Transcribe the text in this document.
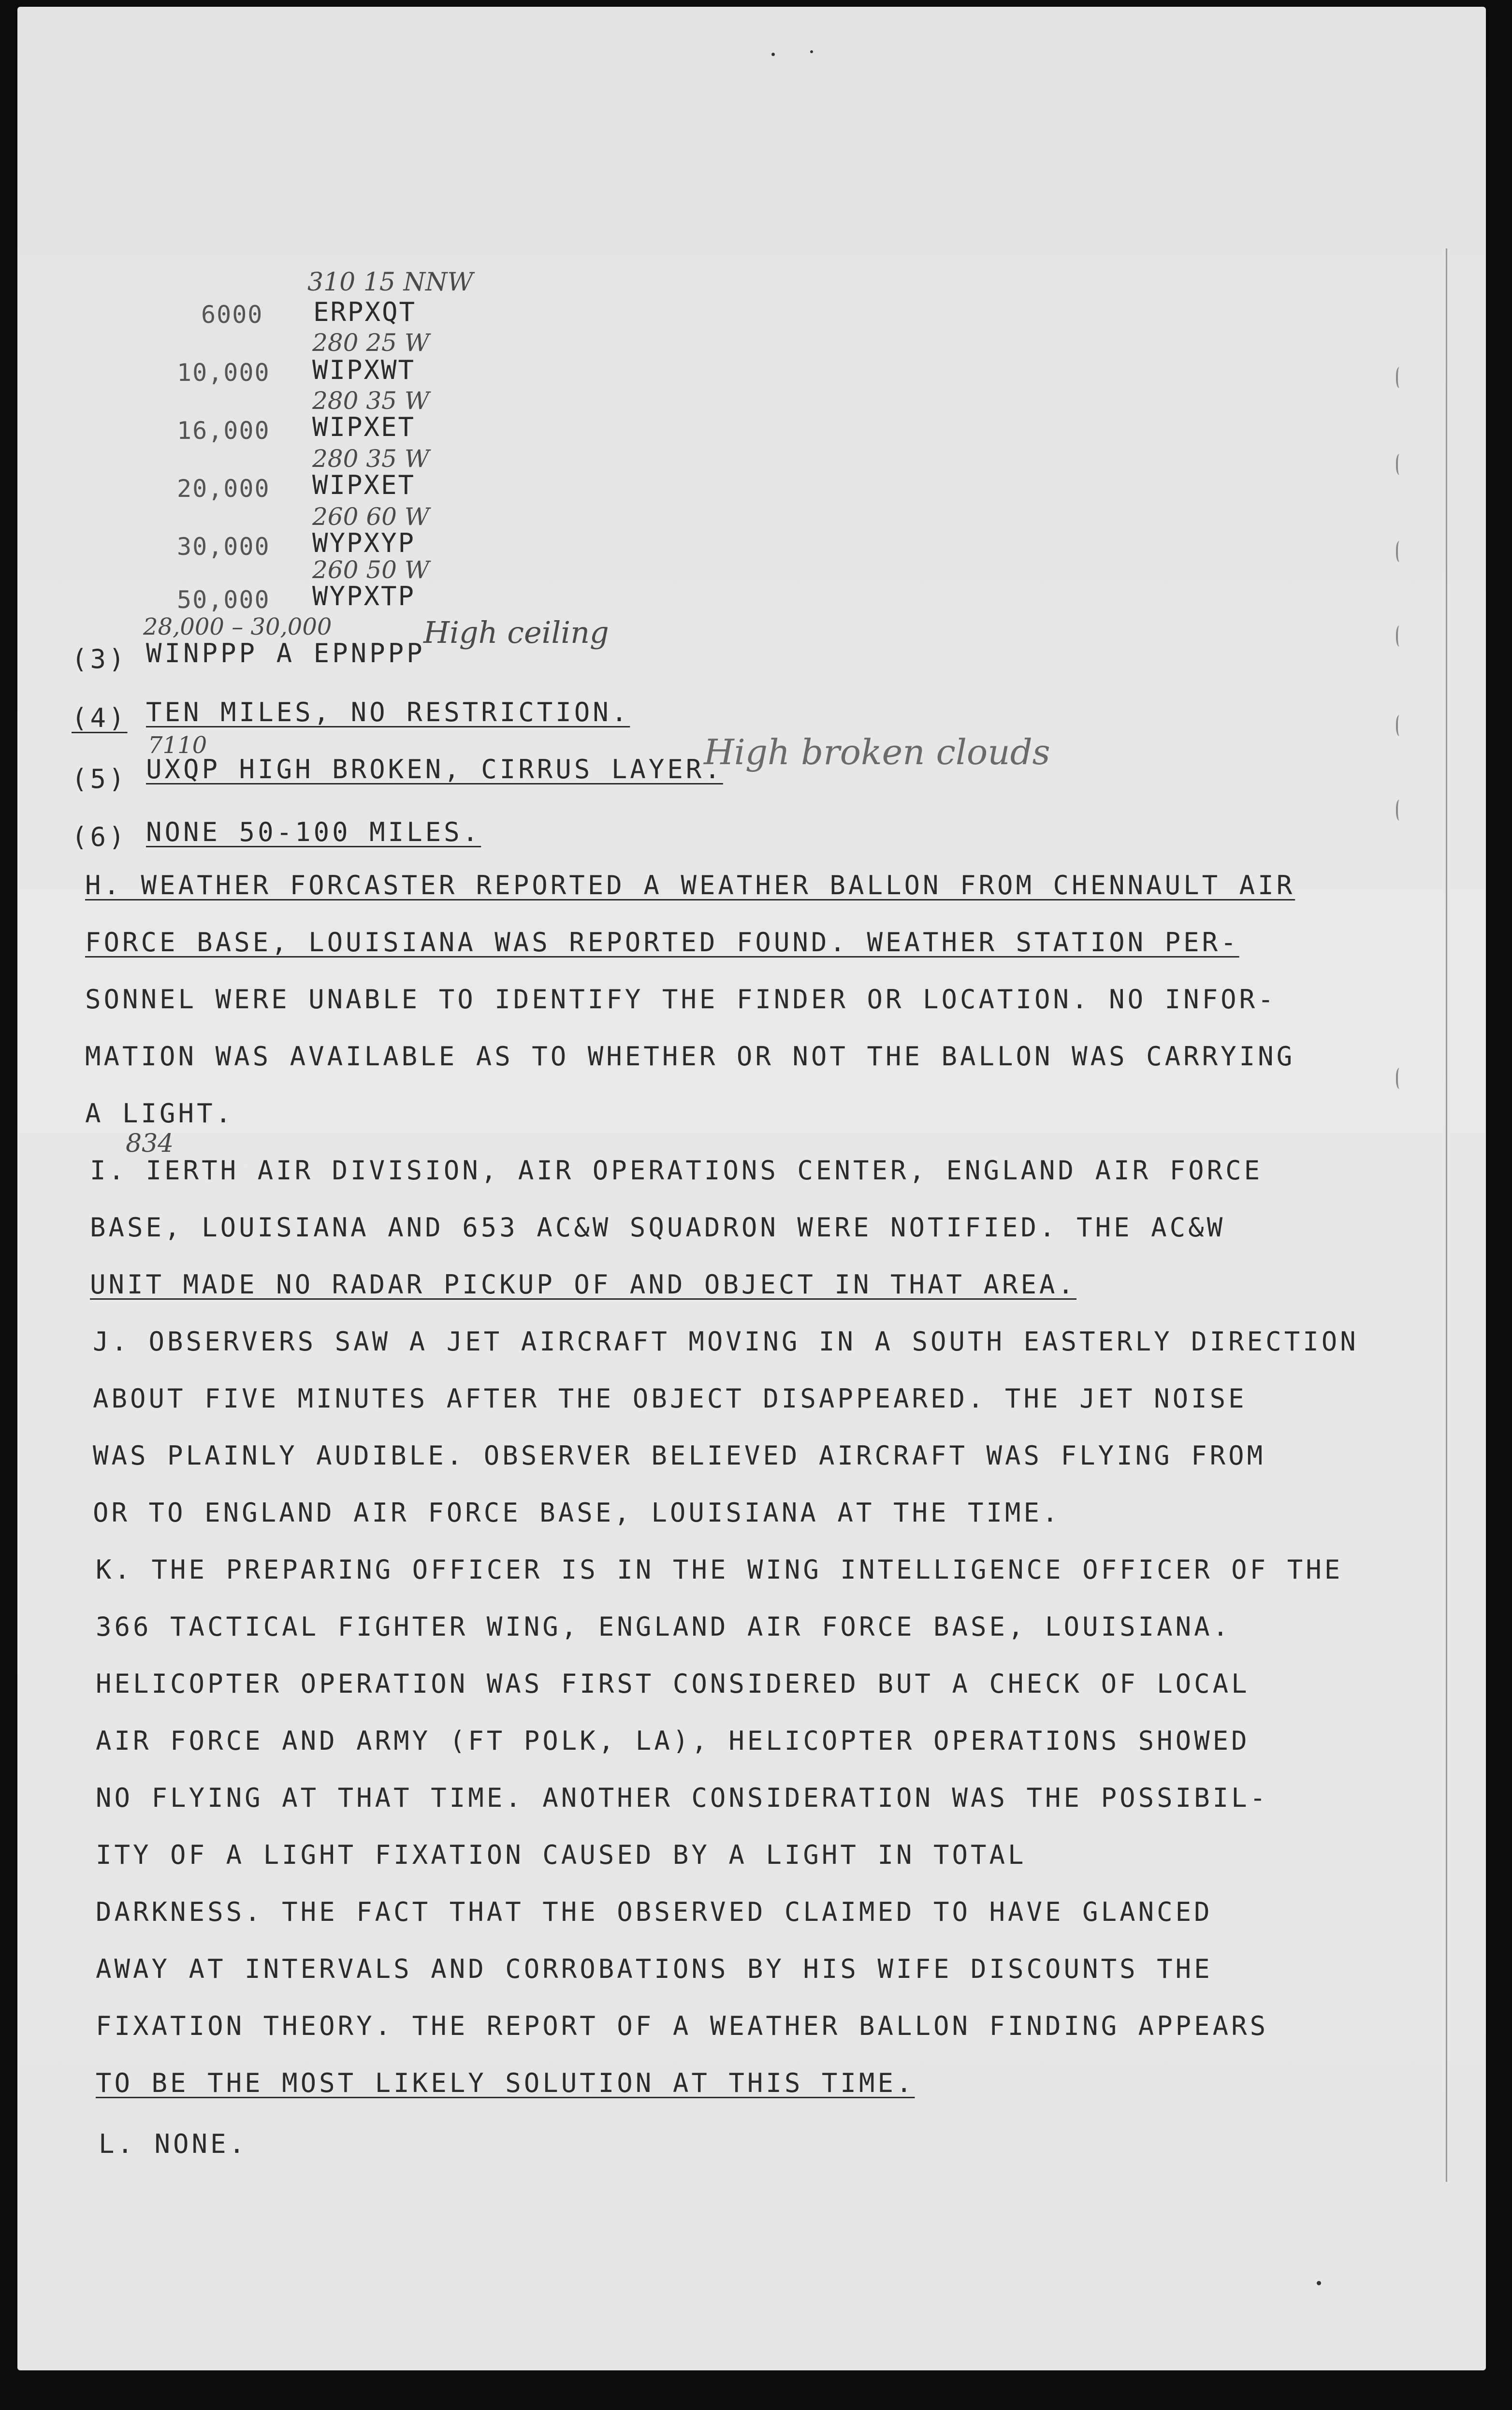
6000 ERPXQT
310 15 NNW
10,000 WIPXWT
280 25 W
16,000 WIPXET
280 35 W
20,000 WIPXET
280 35 W
30,000 WYPXYP
260 60 W
50,000 WYPXTP
260 50 W
(3) WINPPP A EPNPPP
28,000 – 30,000	High ceiling
(4) TEN MILES, NO RESTRICTION.
(5) UXQP HIGH BROKEN, CIRRUS LAYER.
7110	High broken clouds
(6) NONE 50-100 MILES.
H. WEATHER FORCASTER REPORTED A WEATHER BALLON FROM CHENNAULT AIR
FORCE BASE, LOUISIANA WAS REPORTED FOUND. WEATHER STATION PER-
SONNEL WERE UNABLE TO IDENTIFY THE FINDER OR LOCATION. NO INFOR-
MATION WAS AVAILABLE AS TO WHETHER OR NOT THE BALLON WAS CARRYING
A LIGHT.
834
I. IERTH AIR DIVISION, AIR OPERATIONS CENTER, ENGLAND AIR FORCE
BASE, LOUISIANA AND 653 AC&W SQUADRON WERE NOTIFIED. THE AC&W
UNIT MADE NO RADAR PICKUP OF AND OBJECT IN THAT AREA.
J. OBSERVERS SAW A JET AIRCRAFT MOVING IN A SOUTH EASTERLY DIRECTION
ABOUT FIVE MINUTES AFTER THE OBJECT DISAPPEARED. THE JET NOISE
WAS PLAINLY AUDIBLE. OBSERVER BELIEVED AIRCRAFT WAS FLYING FROM
OR TO ENGLAND AIR FORCE BASE, LOUISIANA AT THE TIME.
K. THE PREPARING OFFICER IS IN THE WING INTELLIGENCE OFFICER OF THE
366 TACTICAL FIGHTER WING, ENGLAND AIR FORCE BASE, LOUISIANA.
HELICOPTER OPERATION WAS FIRST CONSIDERED BUT A CHECK OF LOCAL
AIR FORCE AND ARMY (FT POLK, LA), HELICOPTER OPERATIONS SHOWED
NO FLYING AT THAT TIME. ANOTHER CONSIDERATION WAS THE POSSIBIL-
ITY OF A LIGHT FIXATION CAUSED BY A LIGHT IN TOTAL
DARKNESS. THE FACT THAT THE OBSERVED CLAIMED TO HAVE GLANCED
AWAY AT INTERVALS AND CORROBATIONS BY HIS WIFE DISCOUNTS THE
FIXATION THEORY. THE REPORT OF A WEATHER BALLON FINDING APPEARS
TO BE THE MOST LIKELY SOLUTION AT THIS TIME.
L. NONE.
